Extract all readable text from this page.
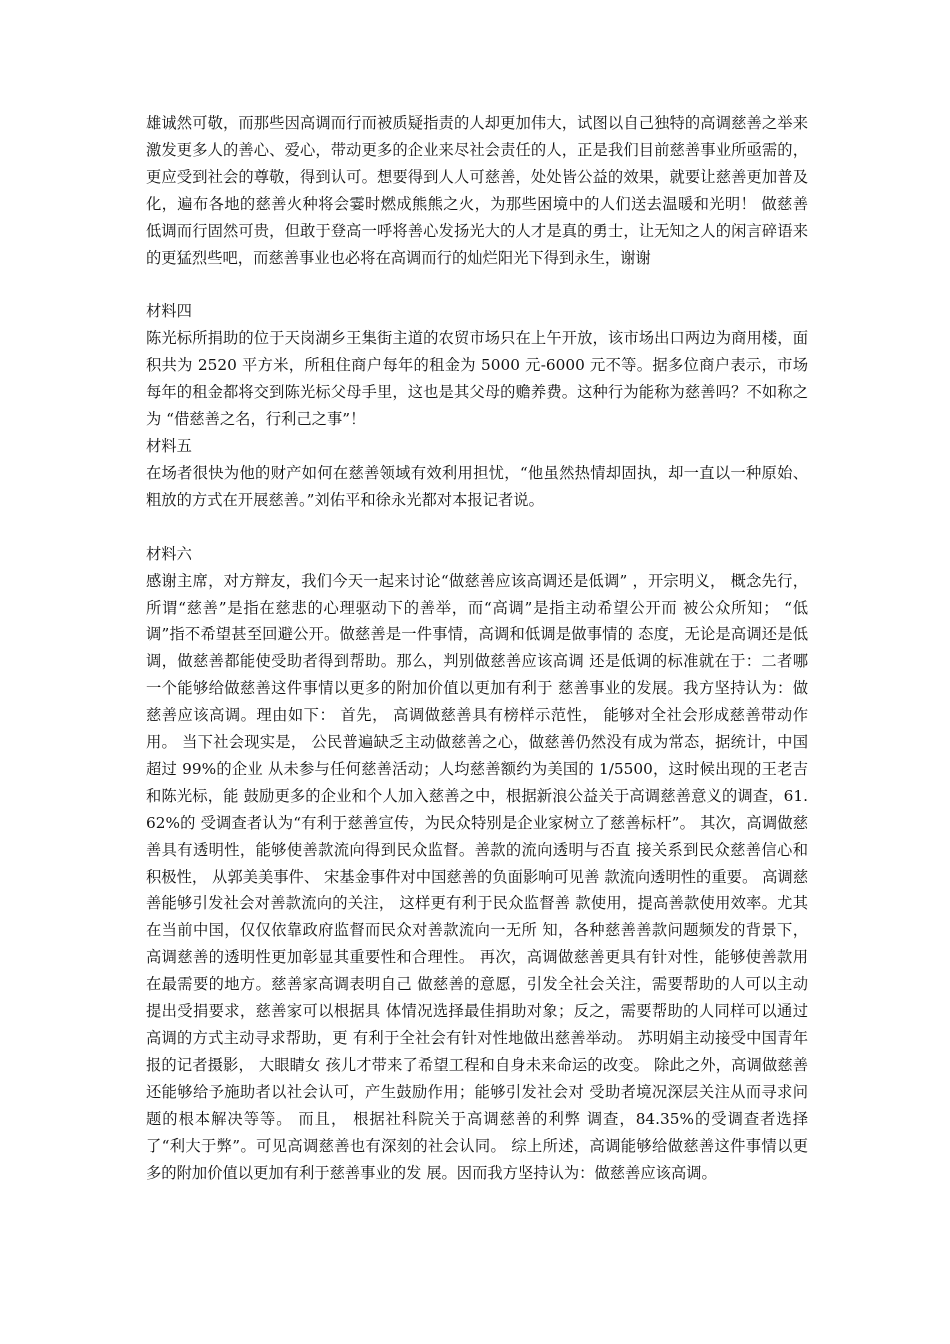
雄诚然可敬，而那些因高调而行而被质疑指责的人却更加伟大，试图以自己独特的高调慈善之举来激发更多人的善心、爱心，带动更多的企业来尽社会责任的人，正是我们目前慈善事业所亟需的，更应受到社会的尊敬，得到认可。想要得到人人可慈善，处处皆公益的效果，就要让慈善更加普及化，遍布各地的慈善火种将会霎时燃成熊熊之火，为那些困境中的人们送去温暖和光明！ 做慈善低调而行固然可贵，但敢于登高一呼将善心发扬光大的人才是真的勇士，让无知之人的闲言碎语来的更猛烈些吧，而慈善事业也必将在高调而行的灿烂阳光下得到永生，谢谢

材料四

陈光标所捐助的位于天岗湖乡王集街主道的农贸市场只在上午开放，该市场出口两边为商用楼，面积共为 2520 平方米，所租住商户每年的租金为 5000 元-6000 元不等。据多位商户表示，市场每年的租金都将交到陈光标父母手里，这也是其父母的赡养费。这种行为能称为慈善吗？不如称之为 “借慈善之名，行利己之事”！

材料五

在场者很快为他的财产如何在慈善领域有效利用担忧，“他虽然热情却固执，却一直以一种原始、粗放的方式在开展慈善。”刘佑平和徐永光都对本报记者说。

材料六

感谢主席，对方辩友，我们今天一起来讨论“做慈善应该高调还是低调” ，开宗明义， 概念先行，所谓“慈善”是指在慈悲的心理驱动下的善举，而“高调”是指主动希望公开而 被公众所知； “低调”指不希望甚至回避公开。做慈善是一件事情，高调和低调是做事情的 态度，无论是高调还是低调，做慈善都能使受助者得到帮助。那么，判别做慈善应该高调 还是低调的标准就在于：二者哪一个能够给做慈善这件事情以更多的附加价值以更加有利于 慈善事业的发展。我方坚持认为：做慈善应该高调。理由如下： 首先， 高调做慈善具有榜样示范性， 能够对全社会形成慈善带动作用。 当下社会现实是， 公民普遍缺乏主动做慈善之心，做慈善仍然没有成为常态，据统计，中国超过 99%的企业 从未参与任何慈善活动；人均慈善额约为美国的 1/5500，这时候出现的王老吉和陈光标，能 鼓励更多的企业和个人加入慈善之中，根据新浪公益关于高调慈善意义的调查，61.62%的 受调查者认为“有利于慈善宣传，为民众特别是企业家树立了慈善标杆”。 其次，高调做慈善具有透明性，能够使善款流向得到民众监督。善款的流向透明与否直 接关系到民众慈善信心和积极性， 从郭美美事件、 宋基金事件对中国慈善的负面影响可见善 款流向透明性的重要。 高调慈善能够引发社会对善款流向的关注， 这样更有利于民众监督善 款使用，提高善款使用效率。尤其在当前中国，仅仅依靠政府监督而民众对善款流向一无所 知，各种慈善善款问题频发的背景下，高调慈善的透明性更加彰显其重要性和合理性。 再次，高调做慈善更具有针对性，能够使善款用在最需要的地方。慈善家高调表明自己 做慈善的意愿，引发全社会关注，需要帮助的人可以主动提出受捐要求，慈善家可以根据具 体情况选择最佳捐助对象；反之，需要帮助的人同样可以通过高调的方式主动寻求帮助，更 有利于全社会有针对性地做出慈善举动。 苏明娟主动接受中国青年报的记者摄影， 大眼睛女 孩儿才带来了希望工程和自身未来命运的改变。 除此之外，高调做慈善还能够给予施助者以社会认可，产生鼓励作用；能够引发社会对 受助者境况深层关注从而寻求问题的根本解决等等。 而且， 根据社科院关于高调慈善的利弊 调查，84.35%的受调查者选择了“利大于弊”。可见高调慈善也有深刻的社会认同。 综上所述，高调能够给做慈善这件事情以更多的附加价值以更加有利于慈善事业的发 展。因而我方坚持认为：做慈善应该高调。
